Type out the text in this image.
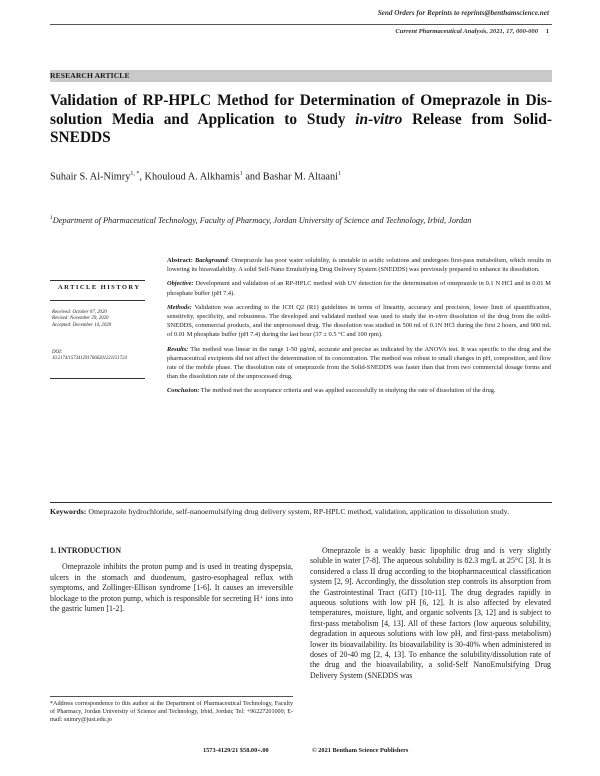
Send Orders for Reprints to reprints@benthamscience.net
Current Pharmaceutical Analysis, 2021, 17, 000-000 1
RESEARCH ARTICLE
Validation of RP-HPLC Method for Determination of Omeprazole in Dis-
solution Media and Application to Study in-vitro Release from Solid-
SNEDDS
Suhair S. Al-Nimry$^{1, *}$, Khouloud A. Alkhamis$^1$ and Bashar M. Altaani$^1$
$^1$Department of Pharmaceutical Technology, Faculty of Pharmacy, Jordan University of Science and Technology, Irbid, Jordan
ARTICLE HISTORY
Received: October 07, 2020
Revised: November 29, 2020
Accepted: December 14, 2020
DOI:
10.2174/1573412917666201221151724

Abstract: Background: Omeprazole has poor water solubility, is unstable in acidic solutions and undergoes first-pass metabolism, which results in lowering its bioavailability. A solid Self-Nano Emulsifying Drug Delivery System (SNEDDS) was previously prepared to enhance its dissolution.

Objective: Development and validation of an RP-HPLC method with UV detection for the determination of omeprazole in 0.1 N HCl and in 0.01 M phosphate buffer (pH 7.4).

Methods: Validation was according to the ICH Q2 (R1) guidelines in terms of linearity, accuracy and precision, lower limit of quantification, sensitivity, specificity, and robustness. The developed and validated method was used to study the in-vitro dissolution of the drug from the solid-SNEDDS, commercial products, and the unprocessed drug. The dissolution was studied in 500 ml of 0.1N HCl during the first 2 hours, and 900 mL of 0.01 M phosphate buffer (pH 7.4) during the last hour (37 ± 0.5 °C and 100 rpm).

Results: The method was linear in the range 1-50 µg/ml, accurate and precise as indicated by the ANOVA test. It was specific to the drug and the pharmaceutical excipients did not affect the determination of its concentration. The method was robust to small changes in pH, composition, and flow rate of the mobile phase. The dissolution rate of omeprazole from the Solid-SNEDDS was faster than that from two commercial dosage forms and than the dissolution rate of the unprocessed drug.

Conclusion: The method met the acceptance criteria and was applied successfully in studying the rate of dissolution of the drug.

Keywords: Omeprazole hydrochloride, self-nanoemulsifying drug delivery system, RP-HPLC method, validation, application to dissolution study.
1. INTRODUCTION

Omeprazole inhibits the proton pump and is used in treating dyspepsia, ulcers in the stomach and duodenum, gastro-esophageal reflux with symptoms, and Zollinger-Ellison syndrome [1-6]. It causes an irreversible blockage to the proton pump, which is responsible for secreting H⁺ ions into the gastric lumen [1-2].

Omeprazole is a weakly basic lipophilic drug and is very slightly soluble in water [7-8]. The aqueous solubility is 82.3 mg/L at 25°C [3]. It is considered a class II drug according to the biopharmaceutical classification system [2, 9]. Accordingly, the dissolution step controls its absorption from the Gastrointestinal Tract (GIT) [10-11]. The drug degrades rapidly in aqueous solutions with low pH [6, 12]. It is also affected by elevated temperatures, moisture, light, and organic solvents [3, 12] and is subject to first-pass metabolism [4, 13]. All of these factors (low aqueous solubility, degradation in aqueous solutions with low pH, and first-pass metabolism) lower its bioavailability. Its bioavailability is 30-40% when administered in doses of 20-40 mg [2, 4, 13]. To enhance the solubility/dissolution rate of the drug and the bioavailability, a solid-Self NanoEmulsifying Drug Delivery System (SNEDDS was

*Address correspondence to this author at the Department of Pharmaceutical Technology, Faculty of Pharmacy, Jordan University of Science and Technology, Irbid, Jordan; Tel: +96227201000; E-mail: snimry@just.edu.jo
1573-4129/21 $58.00+.00	© 2021 Bentham Science Publishers
